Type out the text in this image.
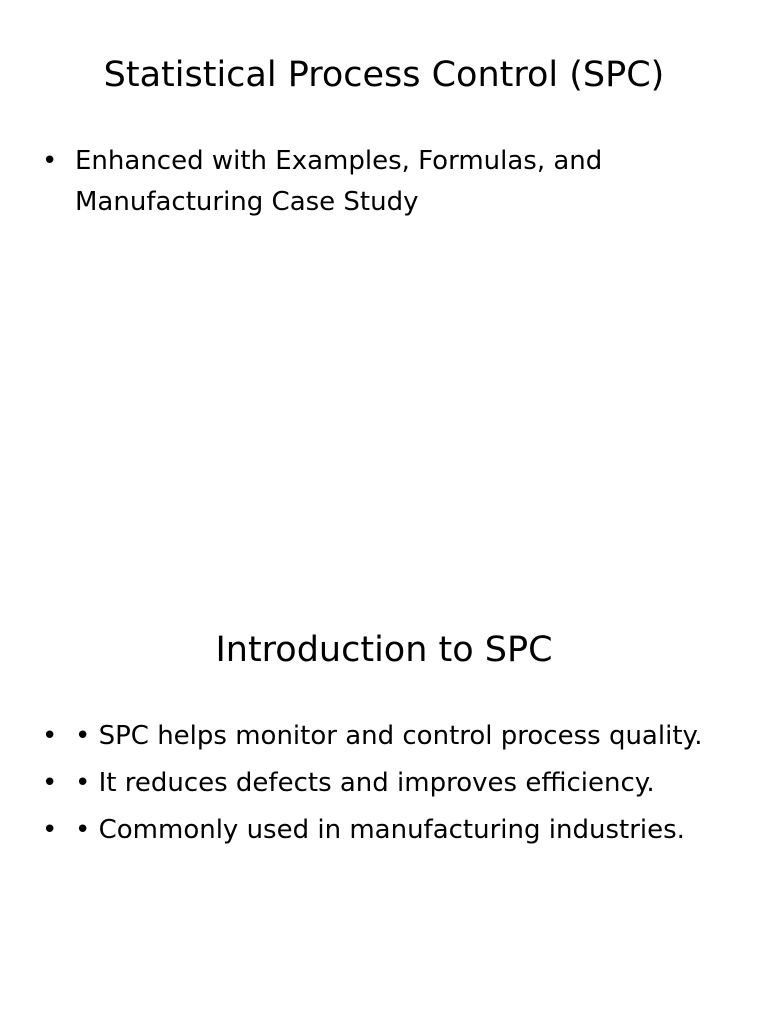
Statistical Process Control (SPC)
• Enhanced with Examples, Formulas, and Manufacturing Case Study
Introduction to SPC
• • SPC helps monitor and control process quality.
• • It reduces defects and improves efficiency.
• • Commonly used in manufacturing industries.
